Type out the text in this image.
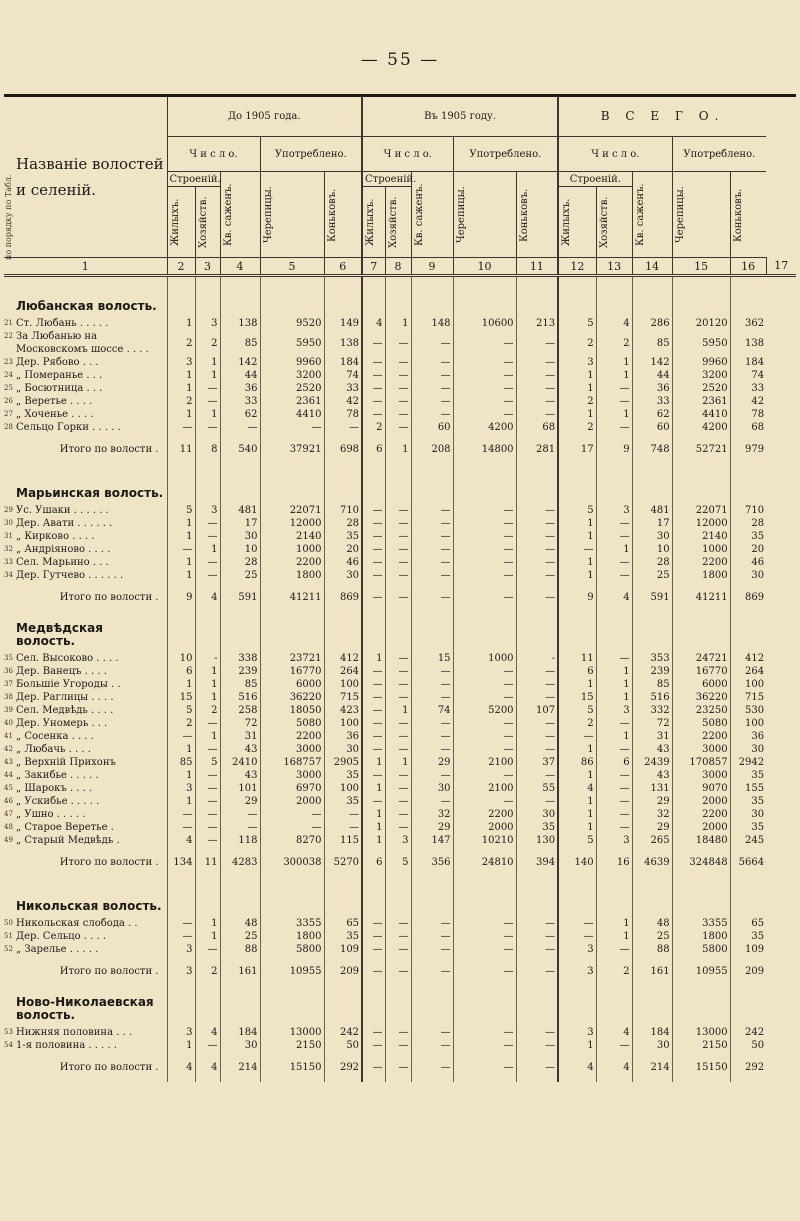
— 55 —
по порядку по Табл.
Названіе волостей и селеній.	До 1905 года.					Въ 1905 году.					В С Е Г О.					
	Ч и с л о.			Употреблено.		Ч и с л о.			Употреблено.		Ч и с л о.			Употреблено.		
	Строеній.		Кв. саженъ.	Черепицы.	Коньковъ.	Строеній.		Кв. саженъ.	Черепицы.	Коньковъ.	Строеній.		Кв. саженъ.	Черепицы.	Коньковъ.	

	Жилыхъ.	Хозяйств.				Жилыхъ.	Хозяйств.				Жилыхъ.	Хозяйств.				

1	2	3	4	5	6	7	8	9	10	11	12	13	14	15	16	17
Любанская волость.																

21 Ст. Любань . . . . .	1	3	138	9520	149	4	1	148	10600	213	5	4	286	20120	362	

22 За Любанью на Московскомъ шоссе . . . .	2	2	85	5950	138	—	—	—	—	—	2	2	85	5950	138	

23 Дер. Рябово . . .	3	1	142	9960	184	—	—	—	—	—	3	1	142	9960	184	

24 „ Померанье . . .	1	1	44	3200	74	—	—	—	—	—	1	1	44	3200	74	

25 „ Босютница . . .	1	—	36	2520	33	—	—	—	—	—	1	—	36	2520	33	

26 „ Веретье . . . .	2	—	33	2361	42	—	—	—	—	—	2	—	33	2361	42	

27 „ Хоченье . . . .	1	1	62	4410	78	—	—	—	—	—	1	1	62	4410	78	

28 Сельцо Горки . . . . .	—	—	—	—	—	2	—	60	4200	68	2	—	60	4200	68	
Итого по волости .	11	8	540	37921	698	6	1	208	14800	281	17	9	748	52721	979	
Марьинская волость.																

29 Ус. Ушаки . . . . . .	5	3	481	22071	710	—	—	—	—	—	5	3	481	22071	710	

30 Дер. Авати . . . . . .	1	—	17	12000	28	—	—	—	—	—	1	—	17	12000	28	

31 „ Кирково . . . .	1	—	30	2140	35	—	—	—	—	—	1	—	30	2140	35	

32 „ Андріяново . . . .	—	1	10	1000	20	—	—	—	—	—	—	1	10	1000	20	

33 Сел. Марьино . . .	1	—	28	2200	46	—	—	—	—	—	1	—	28	2200	46	

34 Дер. Гутчево . . . . . .	1	—	25	1800	30	—	—	—	—	—	1	—	25	1800	30	
Итого по волости .	9	4	591	41211	869	—	—	—	—	—	9	4	591	41211	869	
Медвѣдская волость.																

35 Сел. Высоково . . . .	10	-	338	23721	412	1	—	15	1000	-	11	—	353	24721	412	

36 Дер. Ванецъ . . . .	6	1	239	16770	264	—	—	—	—	—	6	1	239	16770	264	

37 Большіе Угороды . .	1	1	85	6000	100	—	—	—	—	—	1	1	85	6000	100	

38 Дер. Раглицы . . . .	15	1	516	36220	715	—	—	—	—	—	15	1	516	36220	715	

39 Сел. Медвѣдь . . . .	5	2	258	18050	423	—	1	74	5200	107	5	3	332	23250	530	

40 Дер. Уномерь . . .	2	—	72	5080	100	—	—	—	—	—	2	—	72	5080	100	

41 „ Сосенка . . . .	—	1	31	2200	36	—	—	—	—	—	—	1	31	2200	36	

42 „ Любачь . . . .	1	—	43	3000	30	—	—	—	—	—	1	—	43	3000	30	

43 „ Верхній Прихонъ	85	5	2410	168757	2905	1	1	29	2100	37	86	6	2439	170857	2942	

44 „ Закибье . . . . .	1	—	43	3000	35	—	—	—	—	—	1	—	43	3000	35	

45 „ Шарокъ . . . .	3	—	101	6970	100	1	—	30	2100	55	4	—	131	9070	155	

46 „ Ускибье . . . . .	1	—	29	2000	35	—	—	—	—	—	1	—	29	2000	35	

47 „ Ушно . . . . .	—	—	—	—	—	1	—	32	2200	30	1	—	32	2200	30	

48 „ Старое Веретье .	—	—	—	—	—	1	—	29	2000	35	1	—	29	2000	35	

49 „ Старый Медвѣдь .	4	—	118	8270	115	1	3	147	10210	130	5	3	265	18480	245	
Итого по волости .	134	11	4283	300038	5270	6	5	356	24810	394	140	16	4639	324848	5664	
Никольская волость.																

50 Никольская слобода . .	—	1	48	3355	65	—	—	—	—	—	—	1	48	3355	65	

51 Дер. Сельцо . . . .	—	1	25	1800	35	—	—	—	—	—	—	1	25	1800	35	

52 „ Зарелье . . . . .	3	—	88	5800	109	—	—	—	—	—	3	—	88	5800	109	
Итого по волости .	3	2	161	10955	209	—	—	—	—	—	3	2	161	10955	209	
Ново-Николаевская волость.																

53 Нижняя половина . . .	3	4	184	13000	242	—	—	—	—	—	3	4	184	13000	242	

54 1-я половина . . . . .	1	—	30	2150	50	—	—	—	—	—	1	—	30	2150	50	
Итого по волости .	4	4	214	15150	292	—	—	—	—	—	4	4	214	15150	292	
